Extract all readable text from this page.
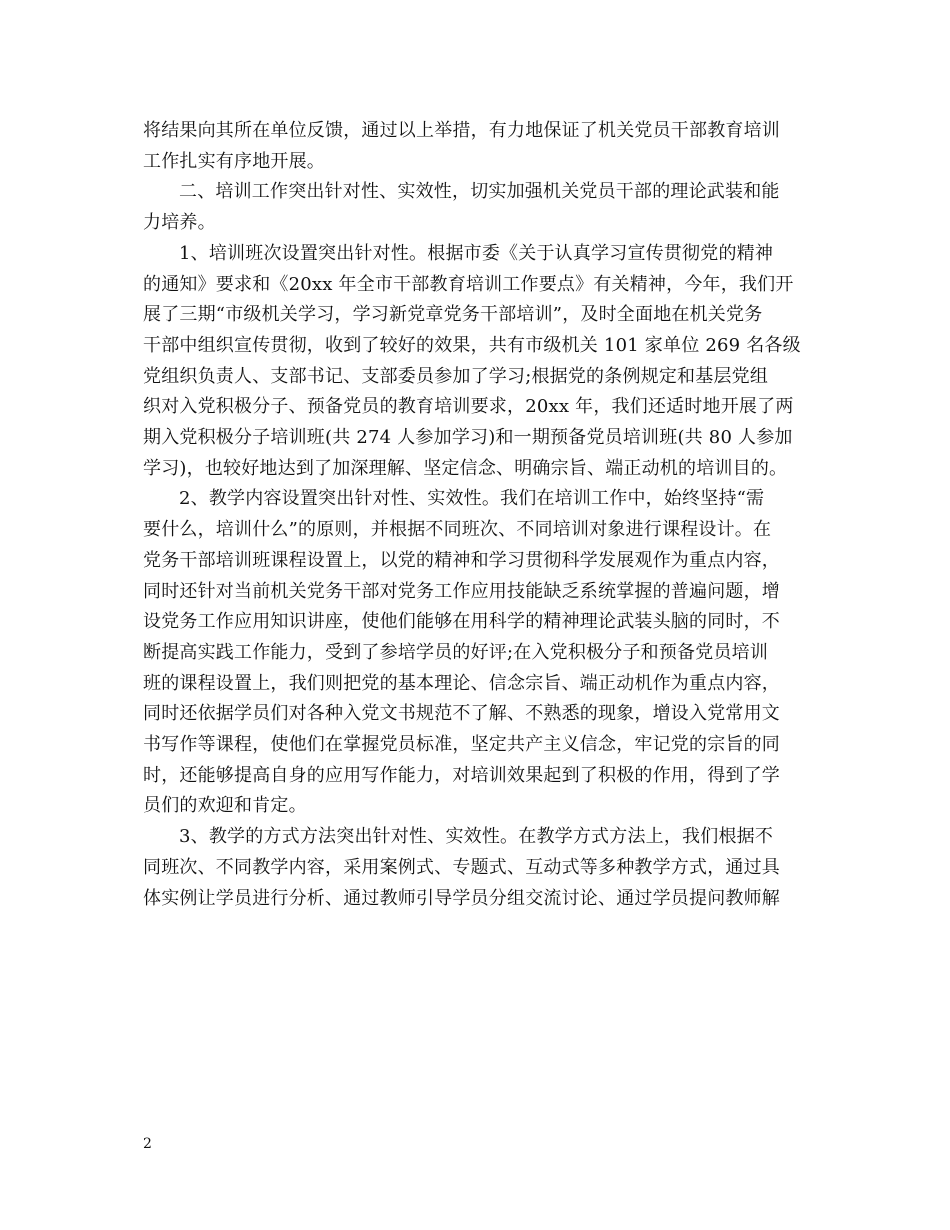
将结果向其所在单位反馈，通过以上举措，有力地保证了机关党员干部教育培训
工作扎实有序地开展。
二、培训工作突出针对性、实效性，切实加强机关党员干部的理论武装和能
力培养。
1、培训班次设置突出针对性。根据市委《关于认真学习宣传贯彻党的精神
的通知》要求和《20xx 年全市干部教育培训工作要点》有关精神，今年，我们开
展了三期“市级机关学习，学习新党章党务干部培训”，及时全面地在机关党务
干部中组织宣传贯彻，收到了较好的效果，共有市级机关 101 家单位 269 名各级
党组织负责人、支部书记、支部委员参加了学习;根据党的条例规定和基层党组
织对入党积极分子、预备党员的教育培训要求，20xx 年，我们还适时地开展了两
期入党积极分子培训班(共 274 人参加学习)和一期预备党员培训班(共 80 人参加
学习)，也较好地达到了加深理解、坚定信念、明确宗旨、端正动机的培训目的。
2、教学内容设置突出针对性、实效性。我们在培训工作中，始终坚持“需
要什么，培训什么”的原则，并根据不同班次、不同培训对象进行课程设计。在
党务干部培训班课程设置上，以党的精神和学习贯彻科学发展观作为重点内容，
同时还针对当前机关党务干部对党务工作应用技能缺乏系统掌握的普遍问题，增
设党务工作应用知识讲座，使他们能够在用科学的精神理论武装头脑的同时，不
断提高实践工作能力，受到了参培学员的好评;在入党积极分子和预备党员培训
班的课程设置上，我们则把党的基本理论、信念宗旨、端正动机作为重点内容，
同时还依据学员们对各种入党文书规范不了解、不熟悉的现象，增设入党常用文
书写作等课程，使他们在掌握党员标准，坚定共产主义信念，牢记党的宗旨的同
时，还能够提高自身的应用写作能力，对培训效果起到了积极的作用，得到了学
员们的欢迎和肯定。
3、教学的方式方法突出针对性、实效性。在教学方式方法上，我们根据不
同班次、不同教学内容，采用案例式、专题式、互动式等多种教学方式，通过具
体实例让学员进行分析、通过教师引导学员分组交流讨论、通过学员提问教师解
2
